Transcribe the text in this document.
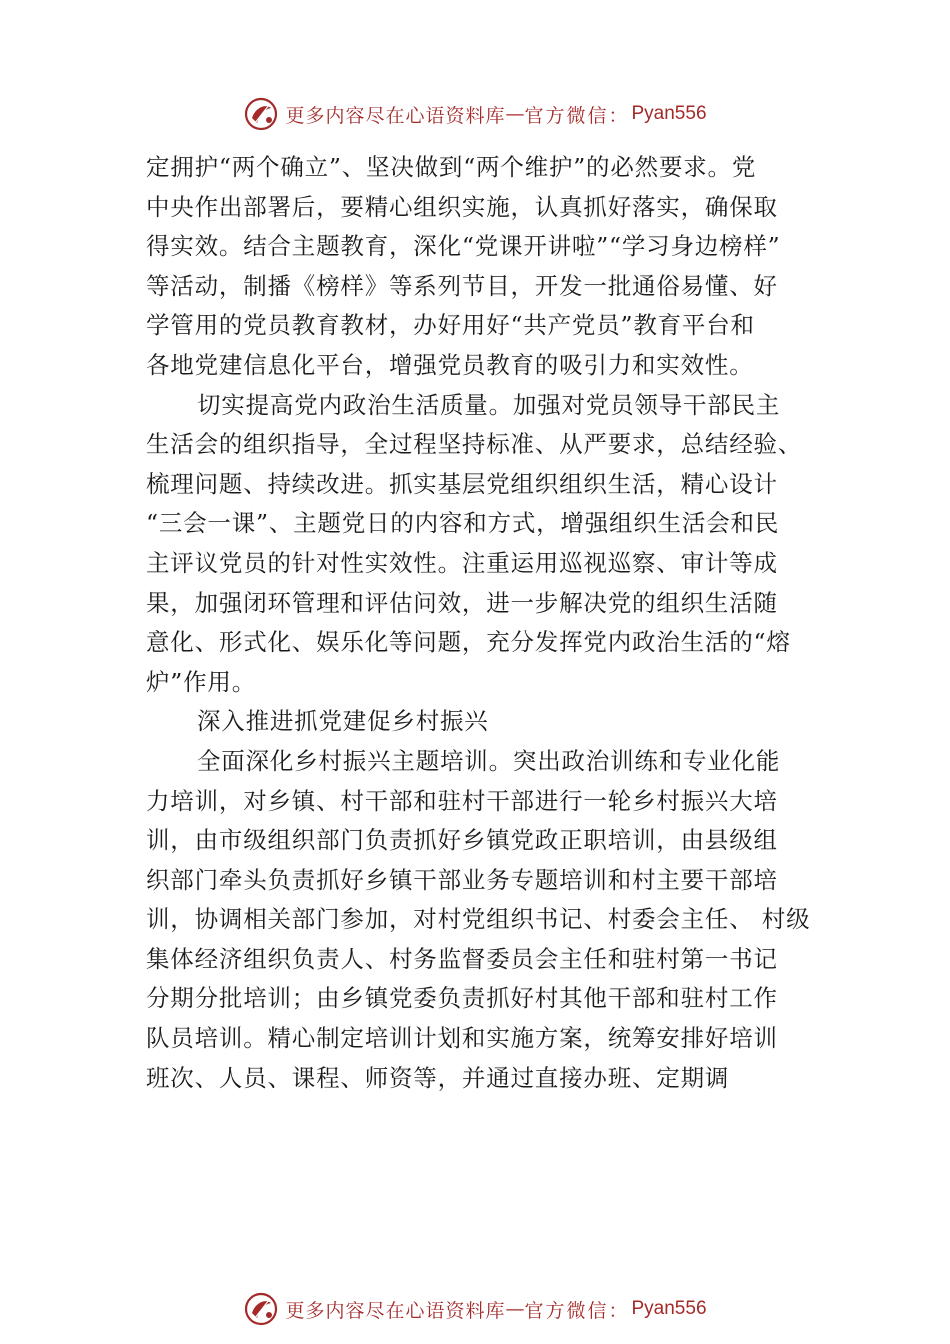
更多内容尽在心语资料库 — 官方微信： Pyan556
定拥护“两个确立”、坚决做到“两个维护”的必然要求。党
中央作出部署后，要精心组织实施，认真抓好落实，确保取
得实效。结合主题教育，深化“党课开讲啦”“学习身边榜样”
等活动，制播《榜样》等系列节目，开发一批通俗易懂、好
学管用的党员教育教材，办好用好“共产党员”教育平台和
各地党建信息化平台，增强党员教育的吸引力和实效性。
切实提高党内政治生活质量。加强对党员领导干部民主
生活会的组织指导，全过程坚持标准、从严要求，总结经验、
梳理问题、持续改进。抓实基层党组织组织生活，精心设计
“三会一课”、主题党日的内容和方式，增强组织生活会和民
主评议党员的针对性实效性。注重运用巡视巡察、审计等成
果，加强闭环管理和评估问效，进一步解决党的组织生活随
意化、形式化、娱乐化等问题，充分发挥党内政治生活的“熔
炉”作用。
深入推进抓党建促乡村振兴
全面深化乡村振兴主题培训。突出政治训练和专业化能
力培训，对乡镇、村干部和驻村干部进行一轮乡村振兴大培
训，由市级组织部门负责抓好乡镇党政正职培训，由县级组
织部门牵头负责抓好乡镇干部业务专题培训和村主要干部培
训，协调相关部门参加，对村党组织书记、村委会主任、 村级
集体经济组织负责人、村务监督委员会主任和驻村第一书记
分期分批培训；由乡镇党委负责抓好村其他干部和驻村工作
队员培训。精心制定培训计划和实施方案，统筹安排好培训
班次、人员、课程、师资等，并通过直接办班、定期调
更多内容尽在心语资料库 — 官方微信： Pyan556
